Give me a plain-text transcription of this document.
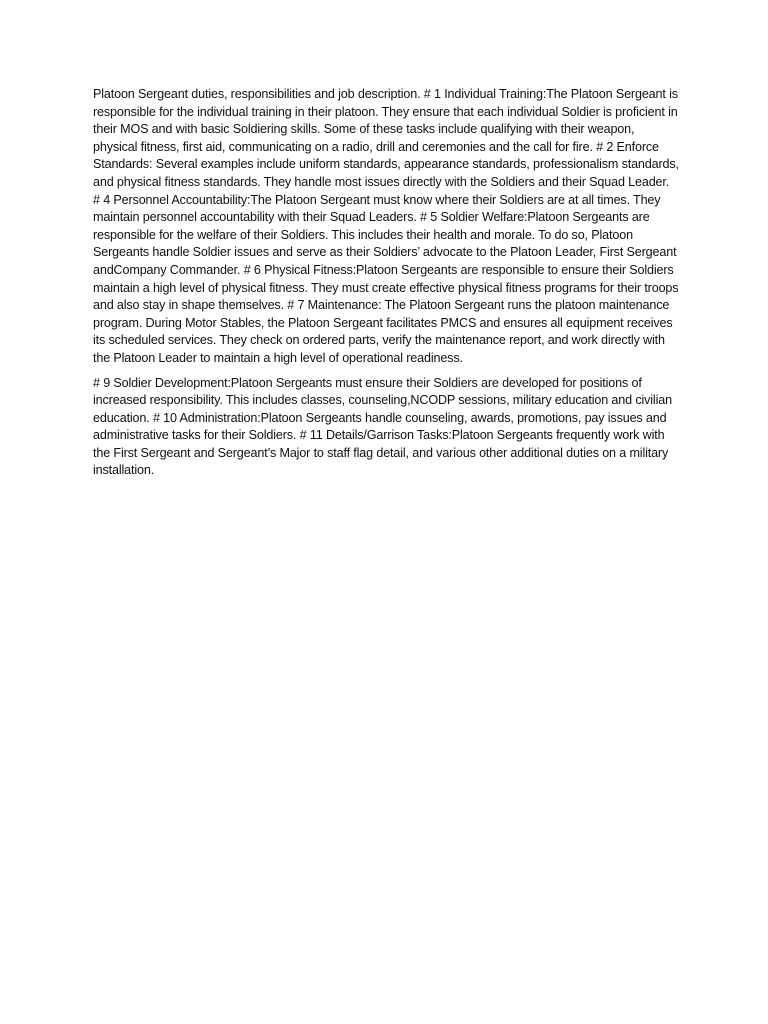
Platoon Sergeant duties, responsibilities and job description. # 1 Individual Training:The Platoon Sergeant is responsible for the individual training in their platoon. They ensure that each individual Soldier is proficient in their MOS and with basic Soldiering skills. Some of these tasks include qualifying with their weapon, physical fitness, first aid, communicating on a radio, drill and ceremonies and the call for fire. # 2 Enforce Standards: Several examples include uniform standards, appearance standards, professionalism standards, and physical fitness standards. They handle most issues directly with the Soldiers and their Squad Leader. # 4 Personnel Accountability:The Platoon Sergeant must know where their Soldiers are at all times. They maintain personnel accountability with their Squad Leaders. # 5 Soldier Welfare:Platoon Sergeants are responsible for the welfare of their Soldiers. This includes their health and morale. To do so, Platoon Sergeants handle Soldier issues and serve as their Soldiers’ advocate to the Platoon Leader, First Sergeant andCompany Commander. # 6 Physical Fitness:Platoon Sergeants are responsible to ensure their Soldiers maintain a high level of physical fitness. They must create effective physical fitness programs for their troops and also stay in shape themselves. # 7 Maintenance: The Platoon Sergeant runs the platoon maintenance program. During Motor Stables, the Platoon Sergeant facilitates PMCS and ensures all equipment receives its scheduled services. They check on ordered parts, verify the maintenance report, and work directly with the Platoon Leader to maintain a high level of operational readiness.

# 9 Soldier Development:Platoon Sergeants must ensure their Soldiers are developed for positions of increased responsibility. This includes classes, counseling,NCODP sessions, military education and civilian education. # 10 Administration:Platoon Sergeants handle counseling, awards, promotions, pay issues and administrative tasks for their Soldiers. # 11 Details/Garrison Tasks:Platoon Sergeants frequently work with the First Sergeant and Sergeant’s Major to staff flag detail, and various other additional duties on a military installation.
